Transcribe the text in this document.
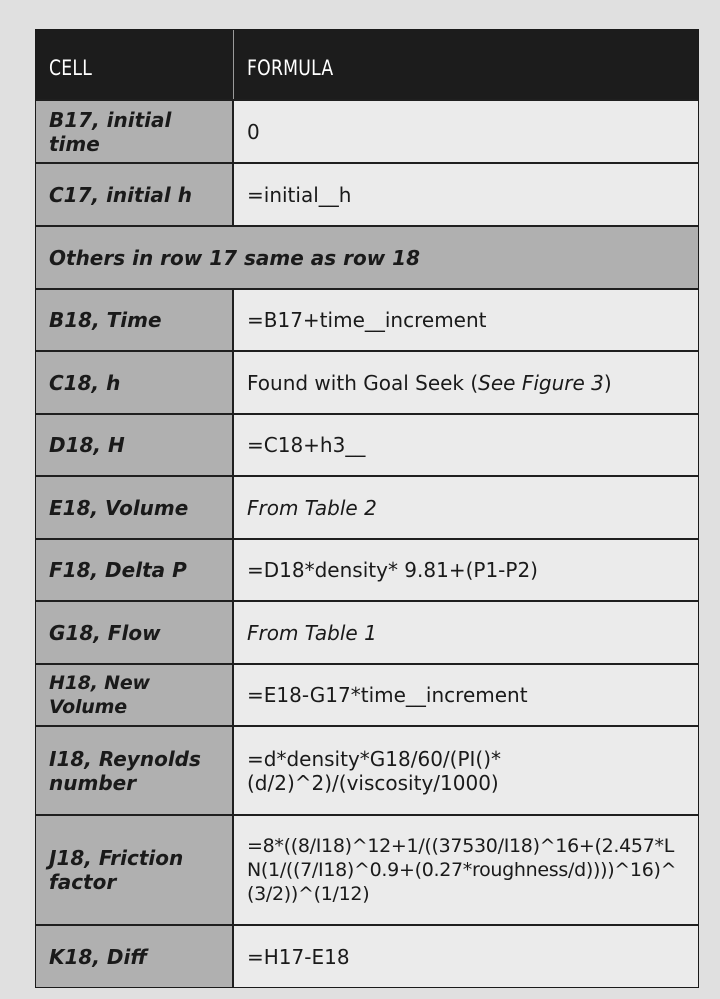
CELL	FORMULA
B17, initial time	0
C17, initial h	=initial__h
Others in row 17 same as row 18	
B18, Time	=B17+time__increment
C18, h	Found with Goal Seek (See Figure 3)
D18, H	=C18+h3__
E18, Volume	From Table 2
F18, Delta P	=D18*density* 9.81+(P1-P2)
G18, Flow	From Table 1
H18, New Volume	=E18-G17*time__increment
I18, Reynolds number	=d*density*G18/60/(PI()*(d/2)^2)/(viscosity/1000)
J18, Friction factor	=8*((8/I18)^12+1/((37530/I18)^16+(2.457*LN(1/((7/I18)^0.9+(0.27*roughness/d))))^16)^(3/2))^(1/12)
K18, Diff	=H17-E18
